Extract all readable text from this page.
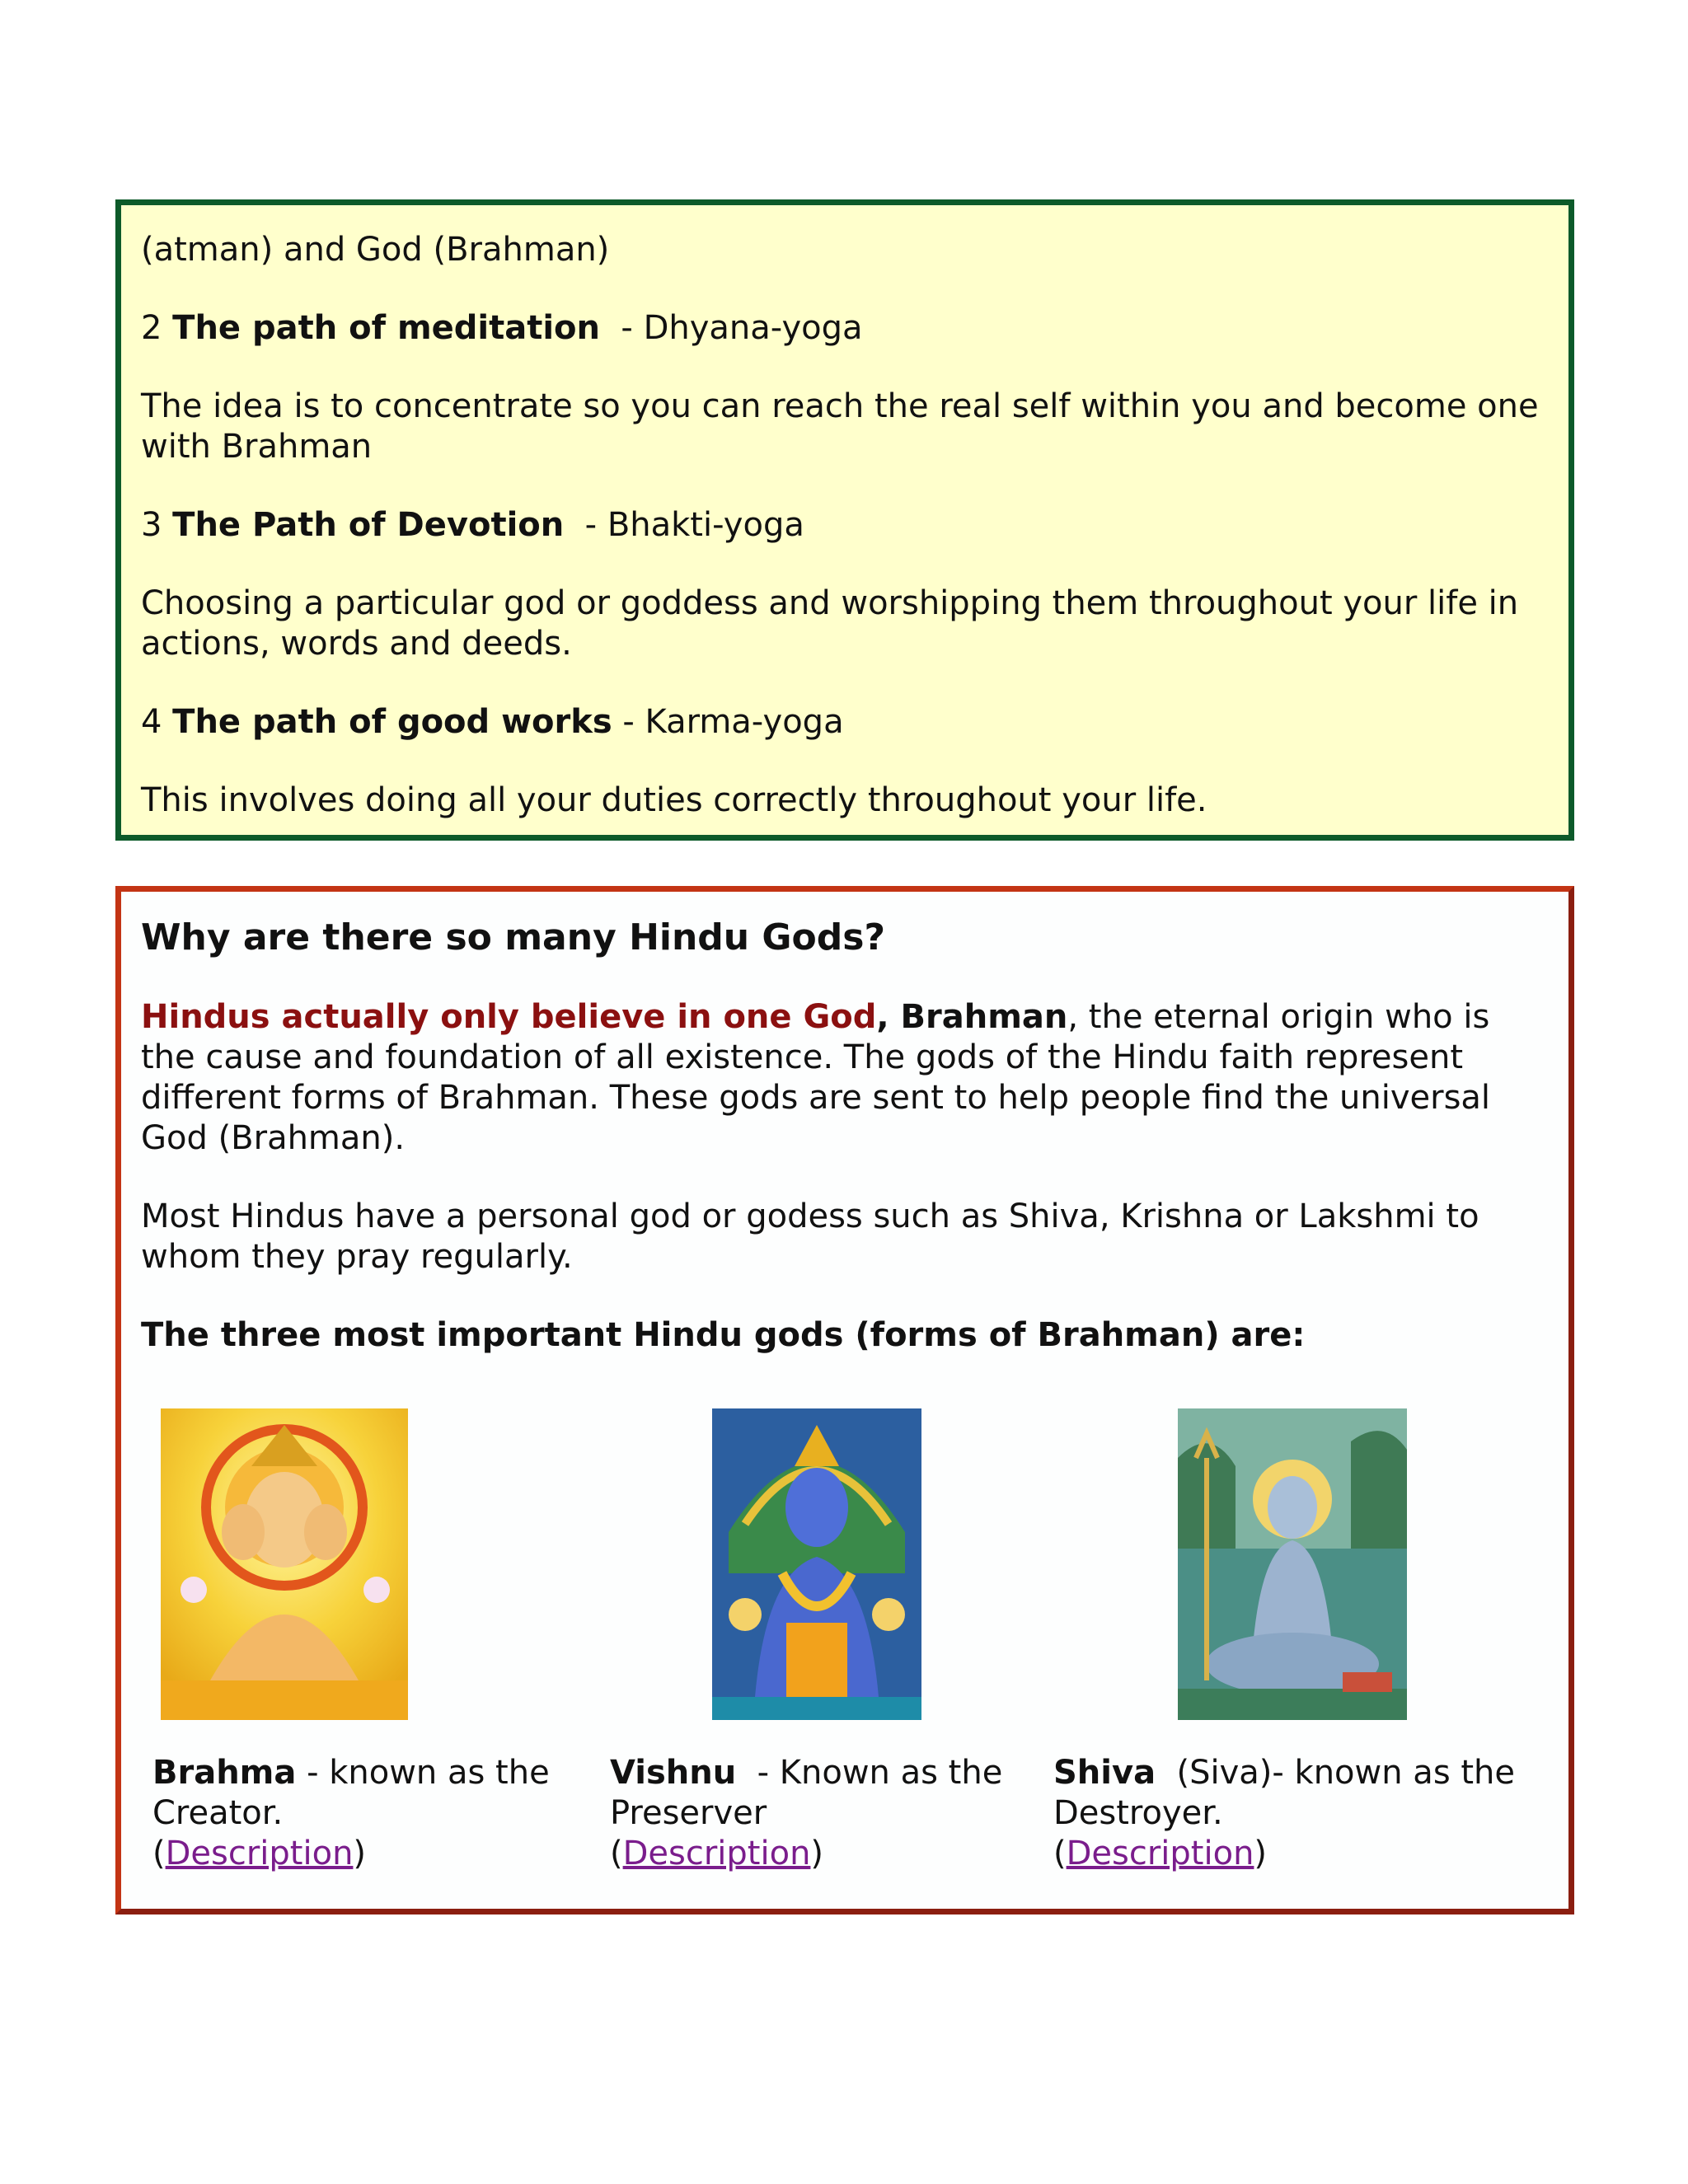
(atman) and God (Brahman)

2 The path of meditation  - Dhyana-yoga

The idea is to concentrate so you can reach the real self within you and become one with Brahman

3 The Path of Devotion  - Bhakti-yoga

Choosing a particular god or goddess and worshipping them throughout your life in actions, words and deeds.

4 The path of good works - Karma-yoga

This involves doing all your duties correctly throughout your life.

Why are there so many Hindu Gods?

Hindus actually only believe in one God, Brahman, the eternal origin who is the cause and foundation of all existence. The gods of the Hindu faith represent different forms of Brahman. These gods are sent to help people find the universal God (Brahman).

Most Hindus have a personal god or godess such as Shiva, Krishna or Lakshmi to whom they pray regularly.

The three most important Hindu gods (forms of Brahman) are:

Brahma - known as the
Creator.
(Description)
Vishnu  - Known as the
Preserver
(Description)
Shiva  (Siva)- known as the
Destroyer.
(Description)
